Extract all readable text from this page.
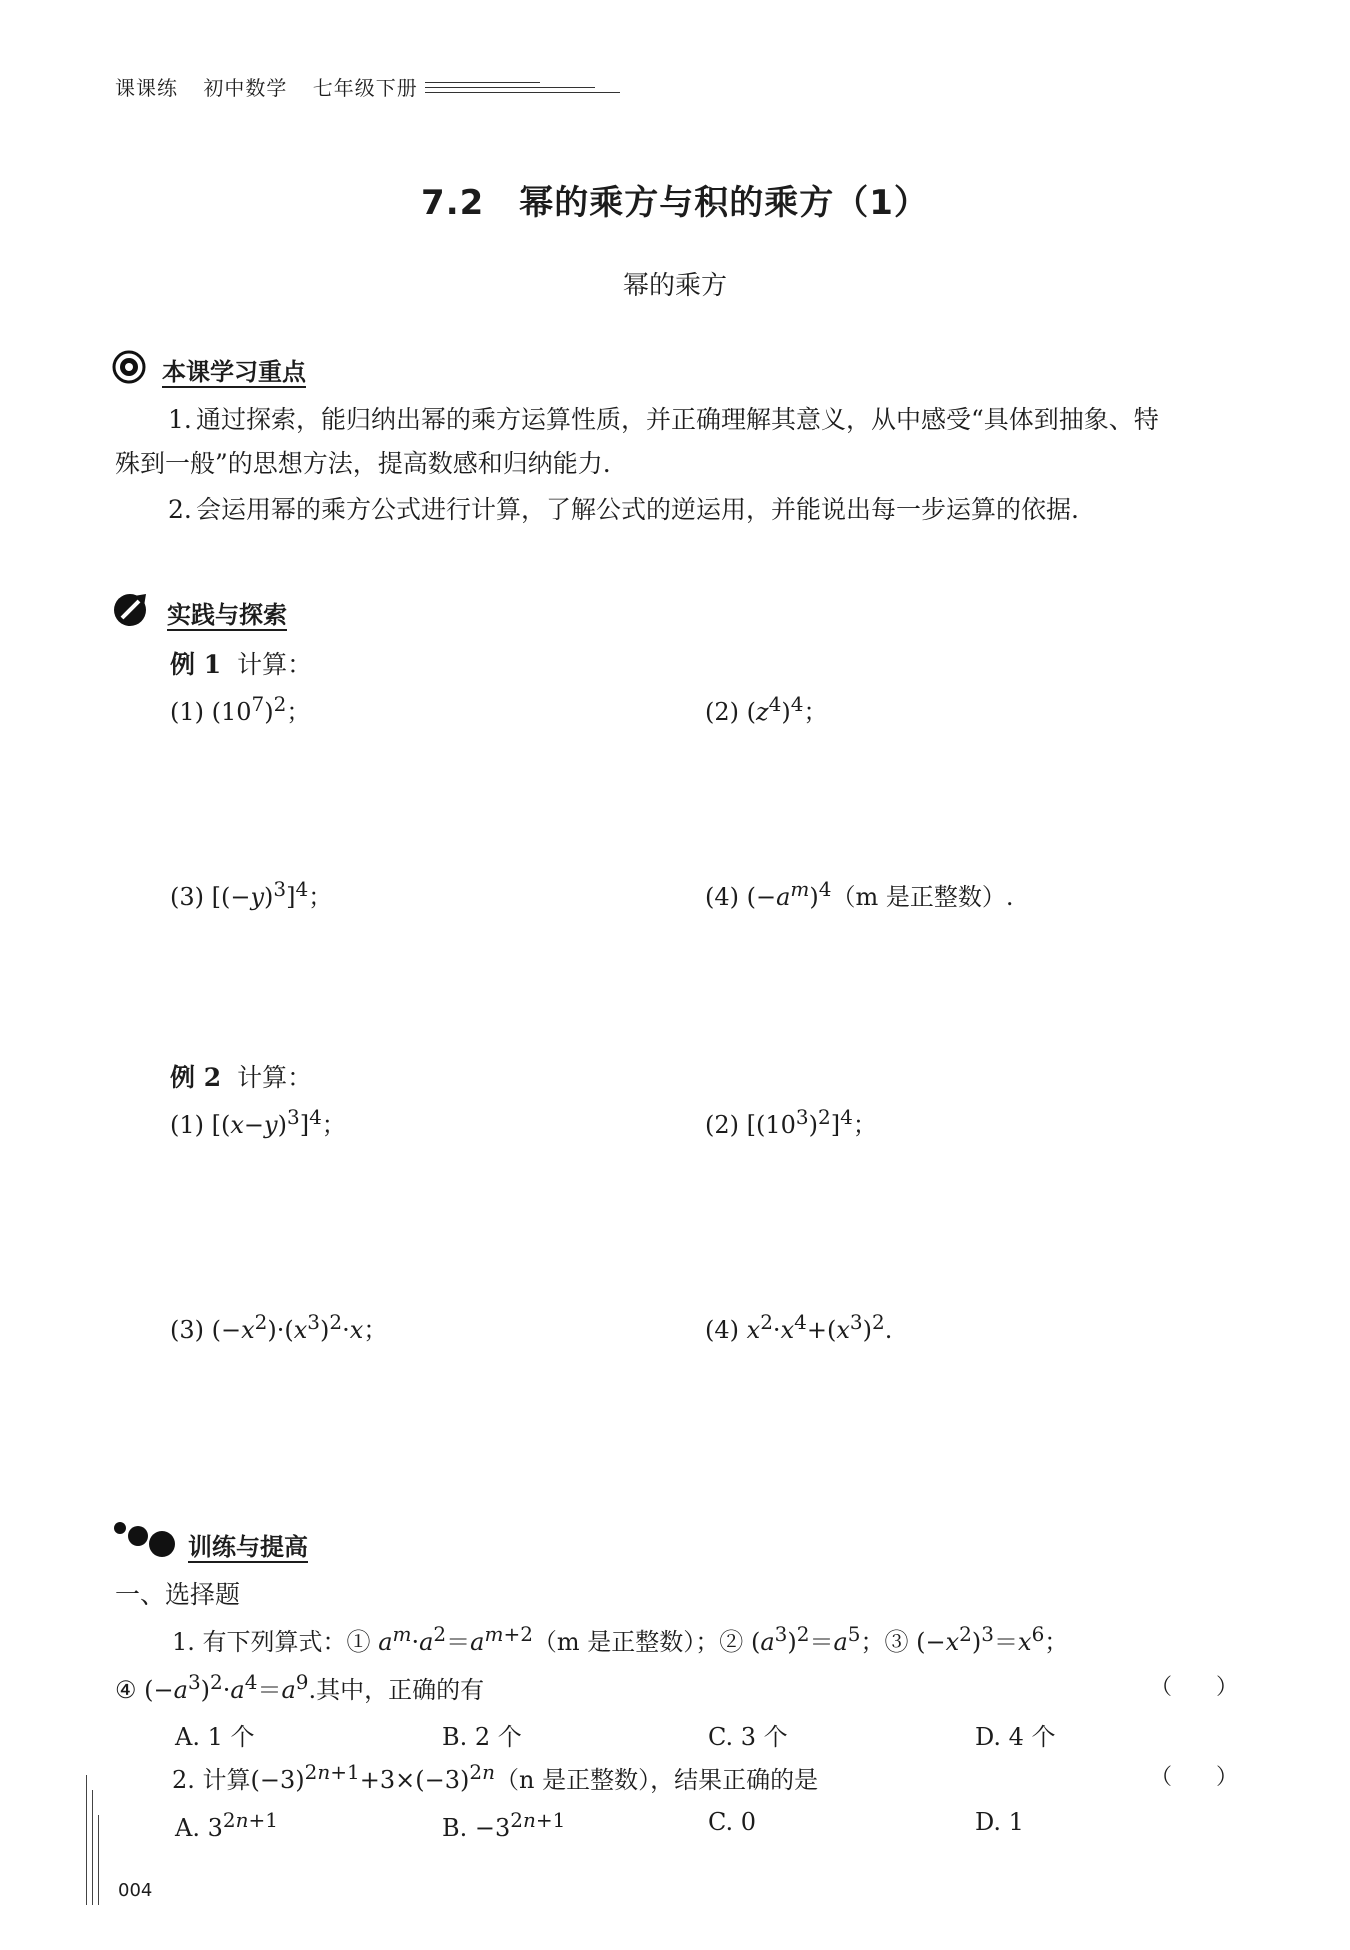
课课练 初中数学 七年级下册
7.2　幂的乘方与积的乘方（1）
幂的乘方
本课学习重点
1. 通过探索，能归纳出幂的乘方运算性质，并正确理解其意义，从中感受“具体到抽象、特
殊到一般”的思想方法，提高数感和归纳能力.
2. 会运用幂的乘方公式进行计算，了解公式的逆运用，并能说出每一步运算的依据.
实践与探索
例 1 计算：
(1) $(10^7)^2$；	(2) $(z^4)^4$；
(3) $[(-y)^3]^4$；	(4) $(-a^m)^4(m$ 是正整数）.
例 2 计算：
(1) $[(x-y)^3]^4$；	(2) $[(10^3)^2]^4$；
(3) $(-x^2)\cdot(x^3)^2\cdot x$；	(4) $x^2\cdot x^4+(x^3)^2$.
训练与提高
一、选择题
1. 有下列算式：① $a^m\cdot a^2=a^{m+2}(m$ 是正整数）；② $(a^3)^2=a^5$；③ $(-x^2)^3=x^6$；
④ $(-a^3)^2\cdot a^4=a^9$.其中，正确的有	（　　）
A. 1 个	B. 2 个	C. 3 个	D. 4 个
2. 计算$(-3)^{2n+1}+3\times(-3)^{2n}(n$ 是正整数），结果正确的是	（　　）
A. $3^{2n+1}$	B. $-3^{2n+1}$	C. 0	D. 1
004
